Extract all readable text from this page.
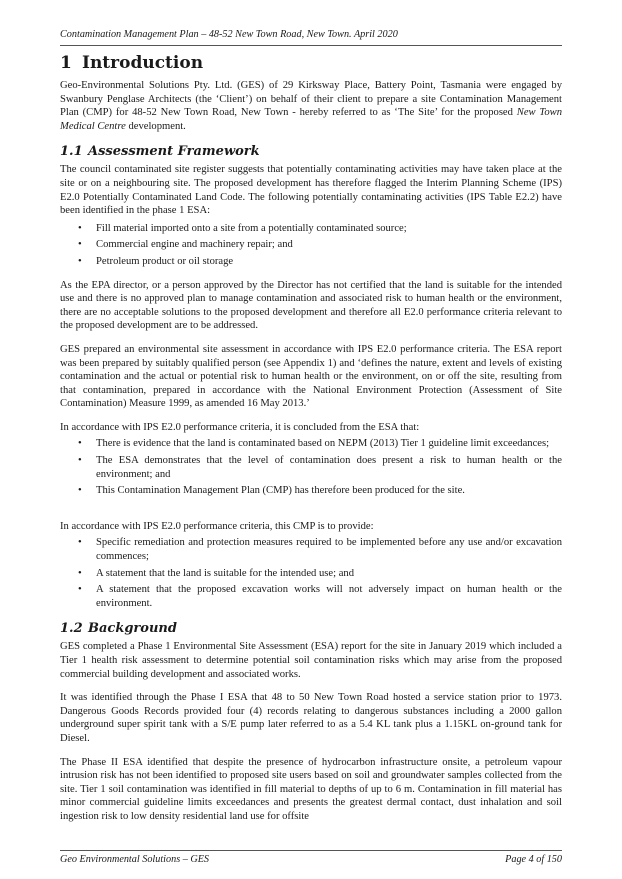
Contamination Management Plan – 48-52 New Town Road, New Town. April 2020
1 Introduction

Geo-Environmental Solutions Pty. Ltd. (GES) of 29 Kirksway Place, Battery Point, Tasmania were engaged by Swanbury Penglase Architects (the ‘Client’) on behalf of their client to prepare a site Contamination Management Plan (CMP) for 48-52 New Town Road, New Town - hereby referred to as ‘The Site’ for the proposed New Town Medical Centre development.

1.1 Assessment Framework

The council contaminated site register suggests that potentially contaminating activities may have taken place at the site or on a neighbouring site. The proposed development has therefore flagged the Interim Planning Scheme (IPS) E2.0 Potentially Contaminated Land Code. The following potentially contaminating activities (IPS Table E2.2) have been identified in the phase 1 ESA:

• Fill material imported onto a site from a potentially contaminated source;
• Commercial engine and machinery repair; and
• Petroleum product or oil storage

As the EPA director, or a person approved by the Director has not certified that the land is suitable for the intended use and there is no approved plan to manage contamination and associated risk to human health or the environment, there are no acceptable solutions to the proposed development and therefore all E2.0 performance criteria relevant to the proposed development are to be addressed.

GES prepared an environmental site assessment in accordance with IPS E2.0 performance criteria. The ESA report was been prepared by suitably qualified person (see Appendix 1) and ‘defines the nature, extent and levels of existing contamination and the actual or potential risk to human health or the environment, on or off the site, resulting from that contamination, prepared in accordance with the National Environment Protection (Assessment of Site Contamination) Measure 1999, as amended 16 May 2013.’

In accordance with IPS E2.0 performance criteria, it is concluded from the ESA that:

• There is evidence that the land is contaminated based on NEPM (2013) Tier 1 guideline limit exceedances;
• The ESA demonstrates that the level of contamination does present a risk to human health or the environment; and
• This Contamination Management Plan (CMP) has therefore been produced for the site.

In accordance with IPS E2.0 performance criteria, this CMP is to provide:

• Specific remediation and protection measures required to be implemented before any use and/or excavation commences;
• A statement that the land is suitable for the intended use; and
• A statement that the proposed excavation works will not adversely impact on human health or the environment.
1.2 Background

GES completed a Phase 1 Environmental Site Assessment (ESA) report for the site in January 2019 which included a Tier 1 health risk assessment to determine potential soil contamination risks which may arise from the proposed commercial building development and associated works.

It was identified through the Phase I ESA that 48 to 50 New Town Road hosted a service station prior to 1973. Dangerous Goods Records provided four (4) records relating to dangerous substances including a 2000 gallon underground super spirit tank with a S/E pump later referred to as a 5.4 KL tank plus a 1.15KL on-ground tank for Diesel.

The Phase II ESA identified that despite the presence of hydrocarbon infrastructure onsite, a petroleum vapour intrusion risk has not been identified to proposed site users based on soil and groundwater samples collected from the site. Tier 1 soil contamination was identified in fill material to depths of up to 6 m. Contamination in fill material has minor commercial guideline limits exceedances and presents the greatest dermal contact, dust inhalation and soil ingestion risk to low density residential land use for offsite

Geo Environmental Solutions – GES	Page 4 of 150
